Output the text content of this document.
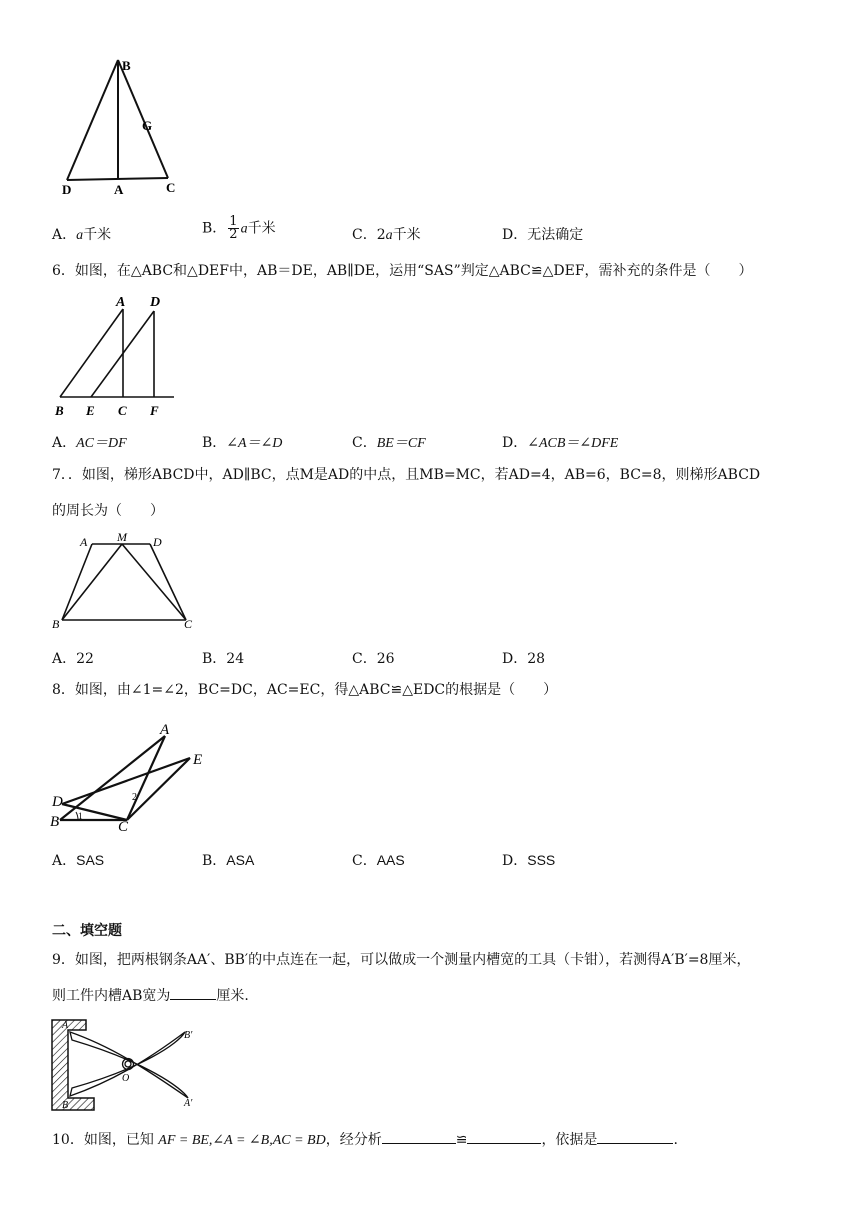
B
G
D	A	C
A．a千米	B． $\frac{1}{2}$ a千米	C．2a千米	D．无法确定
6．如图，在△ABC和△DEF中，AB＝DE，AB∥DE，运用“SAS”判定△ABC≌△DEF，需补充的条件是（　　）
A D
B E C F
A．AC＝DF	B．∠A＝∠D	C．BE＝CF	D．∠ACB＝∠DFE
7．．如图，梯形ABCD中，AD∥BC，点M是AD的中点，且MB=MC，若AD=4，AB=6，BC=8，则梯形ABCD
的周长为（　　）
A M D
B	C
A．22	B．24	C．26	D．28
8．如图，由∠1=∠2，BC=DC，AC=EC，得△ABC≌△EDC的根据是（　　）
A
E
D
B	C
1
2
A．SAS	B．ASA	C．AAS	D．SSS
二、填空题
9．如图，把两根钢条AA′、BB′的中点连在一起，可以做成一个测量内槽宽的工具（卡钳），若测得A′B′=8厘米，
则工件内槽AB宽为	厘米.
A
B′
O
B	A′
10．如图，已知 AF = BE,∠A = ∠B,AC = BD，经分析	≌	，依据是	.
